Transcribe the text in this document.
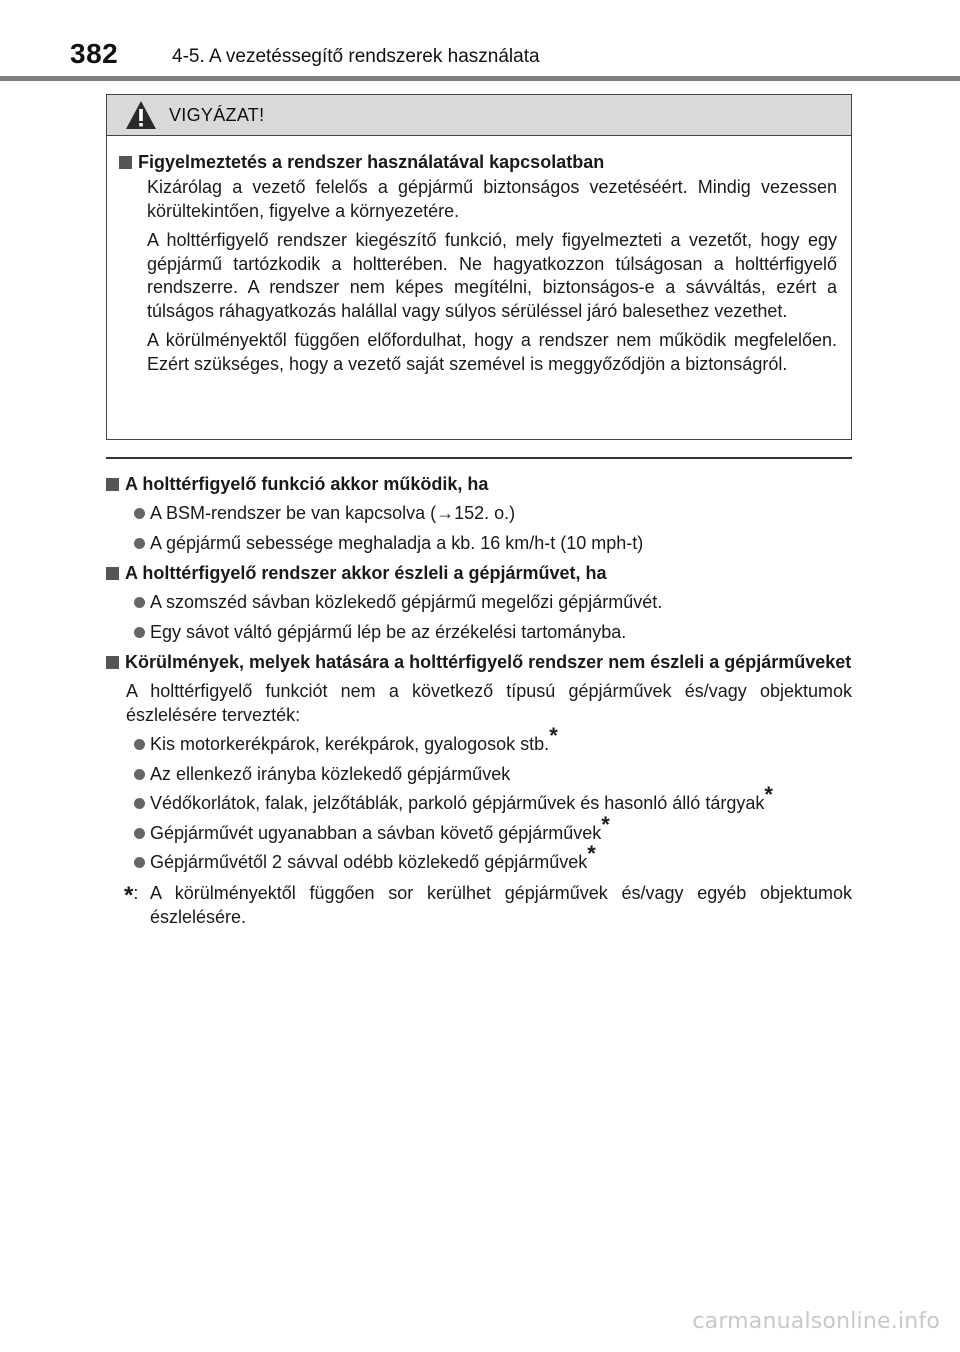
382	4-5. A vezetéssegítő rendszerek használata
VIGYÁZAT!
Figyelmeztetés a rendszer használatával kapcsolatban

Kizárólag a vezető felelős a gépjármű biztonságos vezetéséért. Mindig vezessen körültekintően, figyelve a környezetére.

A holttérfigyelő rendszer kiegészítő funkció, mely figyelmezteti a vezetőt, hogy egy gépjármű tartózkodik a holtterében. Ne hagyatkozzon túlságosan a holttérfigyelő rendszerre. A rendszer nem képes megítélni, biztonságos-e a sávváltás, ezért a túlságos ráhagyatkozás halállal vagy súlyos sérüléssel járó balesethez vezethet.

A körülményektől függően előfordulhat, hogy a rendszer nem működik megfelelően. Ezért szükséges, hogy a vezető saját szemével is meggyőződjön a biztonságról.

A holttérfigyelő funkció akkor működik, ha
A BSM-rendszer be van kapcsolva (→152. o.)
A gépjármű sebessége meghaladja a kb. 16 km/h-t (10 mph-t)
A holttérfigyelő rendszer akkor észleli a gépjárművet, ha
A szomszéd sávban közlekedő gépjármű megelőzi gépjárművét.
Egy sávot váltó gépjármű lép be az érzékelési tartományba.
Körülmények, melyek hatására a holttérfigyelő rendszer nem észleli a gépjárműveket

A holttérfigyelő funkciót nem a következő típusú gépjárművek és/vagy objektumok észlelésére tervezték:

Kis motorkerékpárok, kerékpárok, gyalogosok stb.*
Az ellenkező irányba közlekedő gépjárművek
Védőkorlátok, falak, jelzőtáblák, parkoló gépjárművek és hasonló álló tárgyak*
Gépjárművét ugyanabban a sávban követő gépjárművek*
Gépjárművétől 2 sávval odébb közlekedő gépjárművek*
*: A körülményektől függően sor kerülhet gépjárművek és/vagy egyéb objektumok észlelésére.
carmanualsonline.info
